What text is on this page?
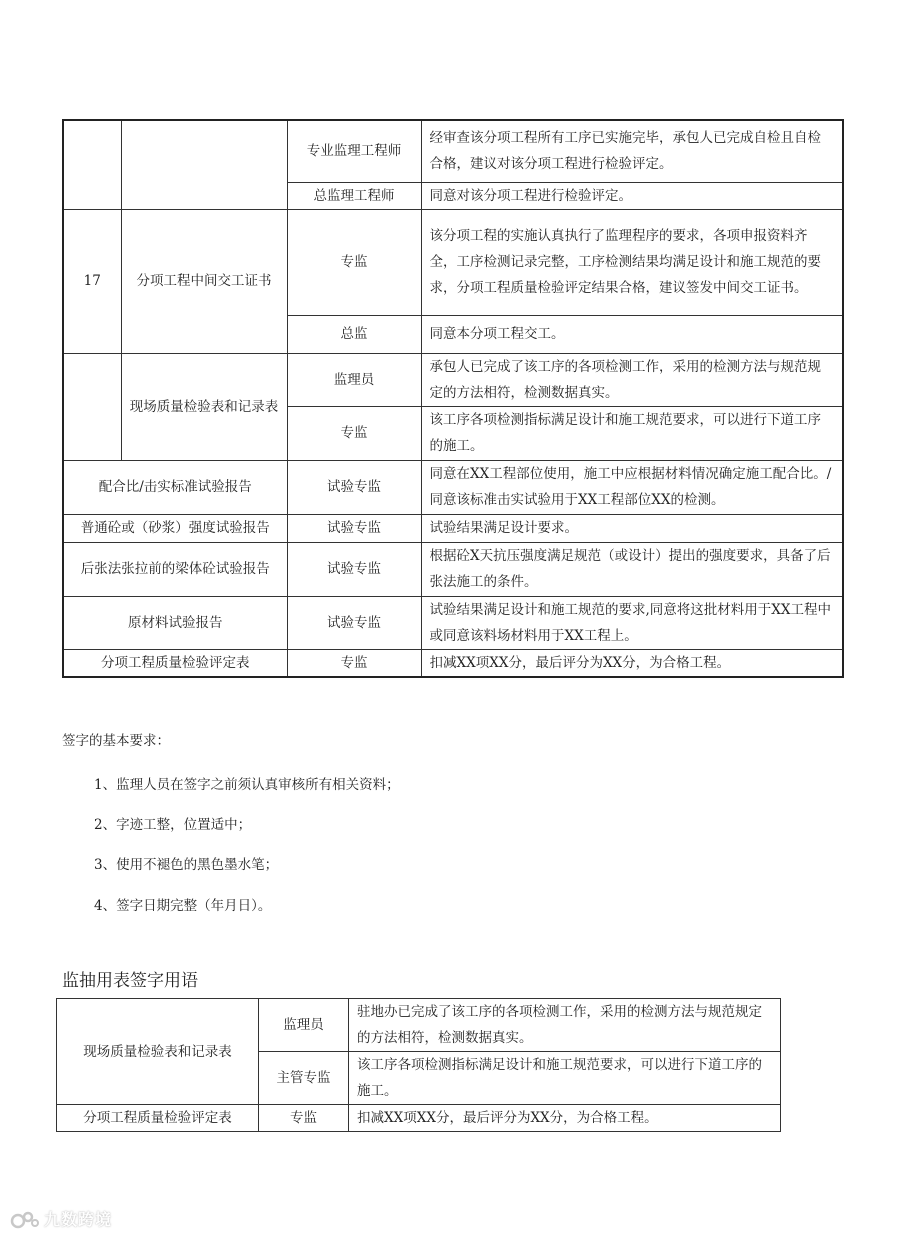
		专业监理工程师	经审查该分项工程所有工序已实施完毕，承包人已完成自检且自检合格，建议对该分项工程进行检验评定。
		总监理工程师	同意对该分项工程进行检验评定。
17	分项工程中间交工证书	专监	该分项工程的实施认真执行了监理程序的要求，各项申报资料齐全，工序检测记录完整，工序检测结果均满足设计和施工规范的要求，分项工程质量检验评定结果合格，建议签发中间交工证书。
		总监	同意本分项工程交工。
	现场质量检验表和记录表	监理员	承包人已完成了该工序的各项检测工作，采用的检测方法与规范规定的方法相符，检测数据真实。
		专监	该工序各项检测指标满足设计和施工规范要求，可以进行下道工序的施工。
配合比/击实标准试验报告		试验专监	同意在XX工程部位使用，施工中应根据材料情况确定施工配合比。/同意该标准击实试验用于XX工程部位XX的检测。
普通砼或（砂浆）强度试验报告		试验专监	试验结果满足设计要求。
后张法张拉前的梁体砼试验报告		试验专监	根据砼X天抗压强度满足规范（或设计）提出的强度要求，具备了后张法施工的条件。
原材料试验报告		试验专监	试验结果满足设计和施工规范的要求,同意将这批材料用于XX工程中或同意该料场材料用于XX工程上。
分项工程质量检验评定表		专监	扣减XX项XX分，最后评分为XX分，为合格工程。
签字的基本要求：
1、监理人员在签字之前须认真审核所有相关资料；
2、字迹工整，位置适中；
3、使用不褪色的黑色墨水笔；
4、签字日期完整（年月日）。
监抽用表签字用语
现场质量检验表和记录表	监理员	驻地办已完成了该工序的各项检测工作，采用的检测方法与规范规定的方法相符，检测数据真实。
	主管专监	该工序各项检测指标满足设计和施工规范要求，可以进行下道工序的施工。
分项工程质量检验评定表	专监	扣减XX项XX分，最后评分为XX分，为合格工程。
九数跨境
